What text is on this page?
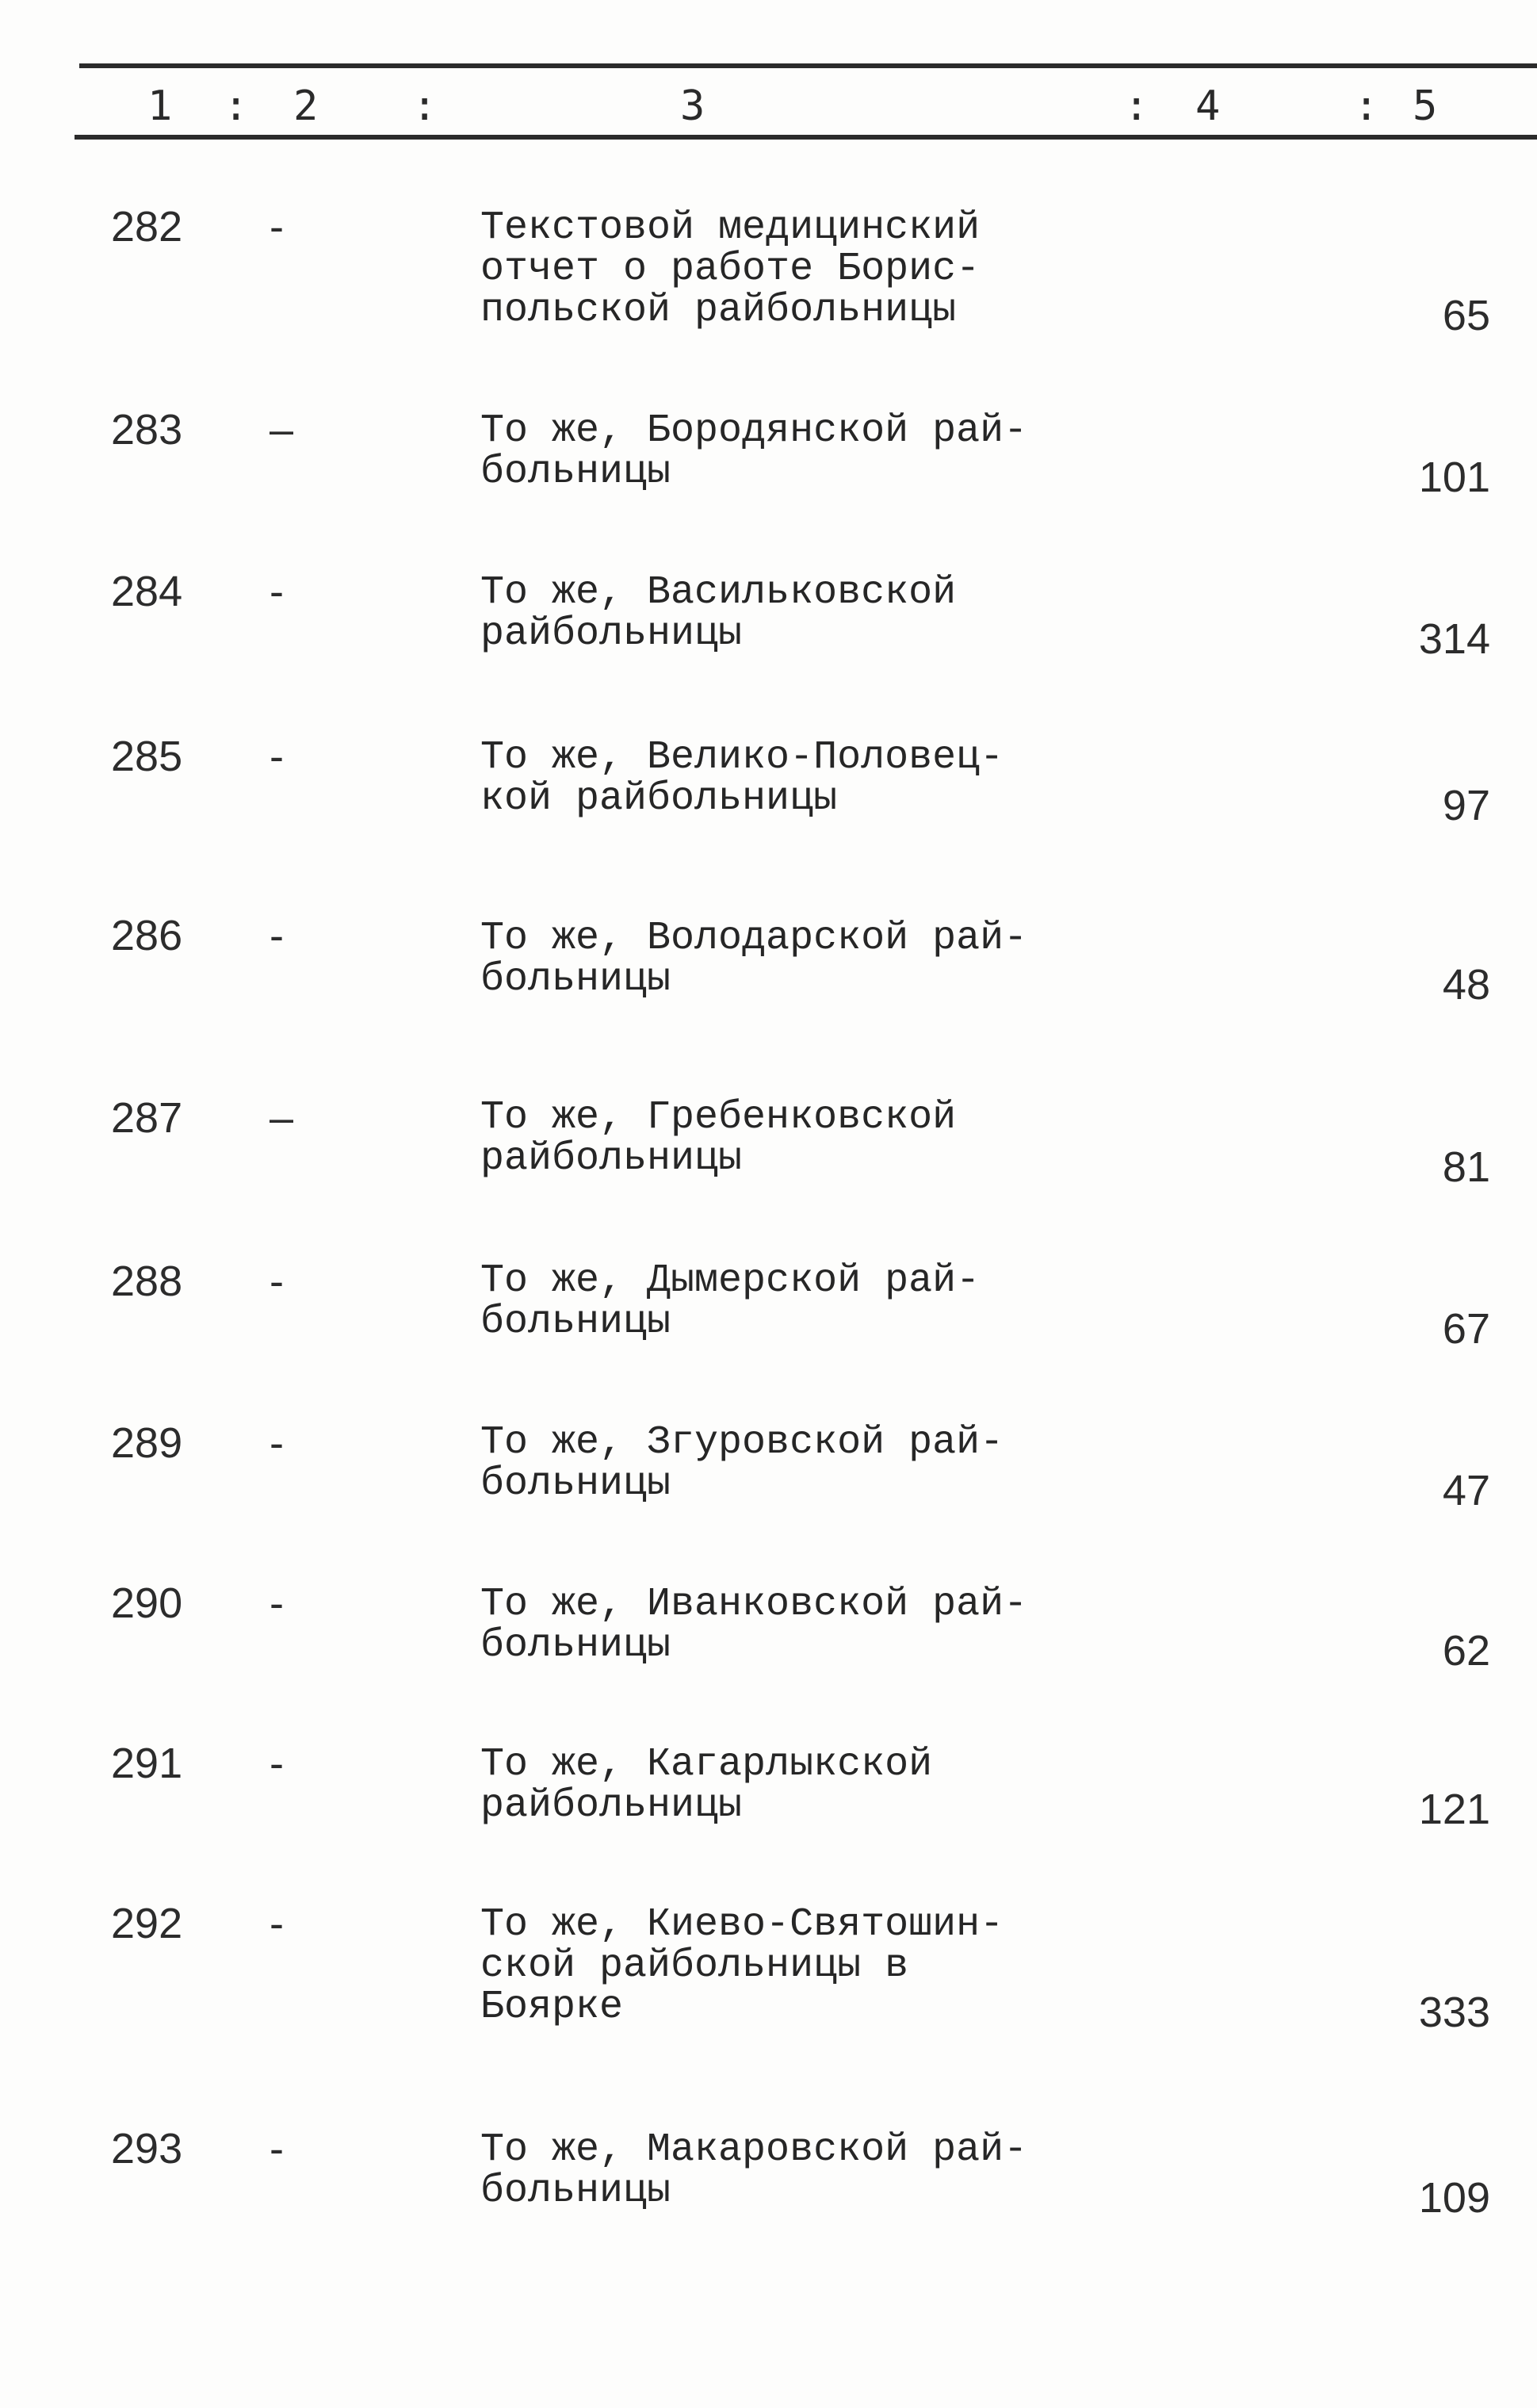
1 : 2 :	3	: 4	: 5
282	-	Текстовой медицинский
отчет о работе Борис-
польской райбольницы	65
283	–	То же, Бородянской рай-
больницы	101
284	-	То же, Васильковской
райбольницы	314
285	-	То же, Велико-Половец-
кой райбольницы	97
286	-	То же, Володарской рай-
больницы	48
287	–	То же, Гребенковской
райбольницы	81
288	-	То же, Дымерской рай-
больницы	67
289	-	То же, Згуровской рай-
больницы	47
290	-	То же, Иванковской рай-
больницы	62
291	-	То же, Кагарлыкской
райбольницы	121
292	-	То же, Киево-Святошин-
ской райбольницы в
Боярке	333
293	-	То же, Макаровской рай-
больницы	109
